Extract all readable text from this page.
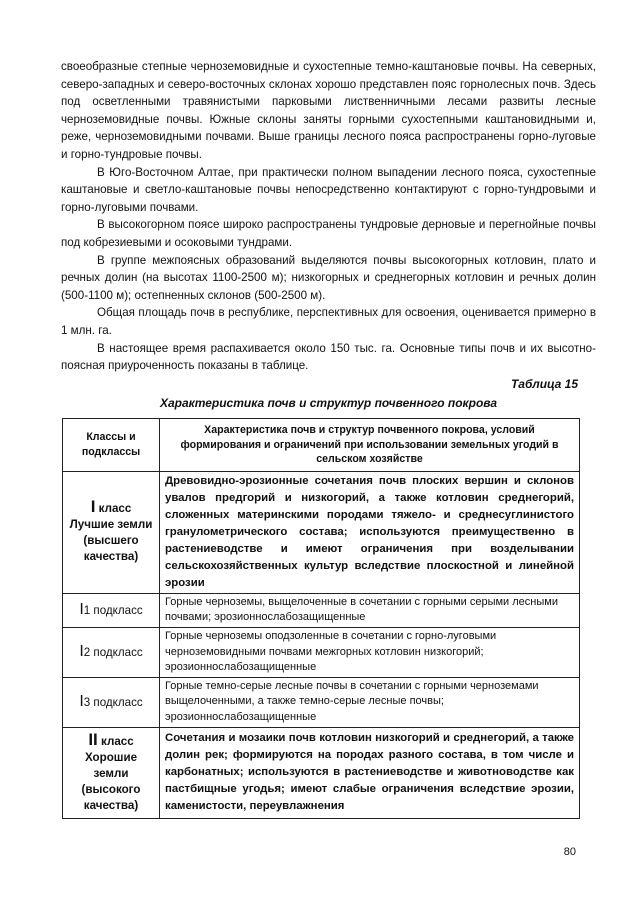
своеобразные степные черноземовидные и сухостепные темно-каштановые почвы. На северных, северо-западных и северо-восточных склонах хорошо представлен пояс горнолесных почв. Здесь под осветленными травянистыми парковыми лиственничными лесами развиты лесные черноземовидные почвы. Южные склоны заняты горными сухостепными каштановидными и, реже, черноземовидными почвами. Выше границы лесного пояса распространены горно-луговые и горно-тундровые почвы.

В Юго-Восточном Алтае, при практически полном выпадении лесного пояса, сухостепные каштановые и светло-каштановые почвы непосредственно контактируют с горно-тундровыми и горно-луговыми почвами.

В высокогорном поясе широко распространены тундровые дерновые и перегнойные почвы под кобрезиевыми и осоковыми тундрами.

В группе межпоясных образований выделяются почвы высокогорных котловин, плато и речных долин (на высотах 1100-2500 м); низкогорных и среднегорных котловин и речных долин (500-1100 м); остепненных склонов (500-2500 м).

Общая площадь почв в республике, перспективных для освоения, оценивается примерно в 1 млн. га.

В настоящее время распахивается около 150 тыс. га. Основные типы почв и их высотно-поясная приуроченность показаны в таблице.

Таблица 15
Характеристика почв и структур почвенного покрова
Классы и подклассы	Характеристика почв и структур почвенного покрова, условий формирования и ограничений при использовании земельных угодий в сельском хозяйстве
I класс
Лучшие земли (высшего качества)	Древовидно-эрозионные сочетания почв плоских вершин и склонов увалов предгорий и низкогорий, а также котловин среднегорий, сложенных материнскими породами тяжело- и среднесуглинистого гранулометрического состава; используются преимущественно в растениеводстве и имеют ограничения при возделывании сельскохозяйственных культур вследствие плоскостной и линейной эрозии
I1 подкласс	Горные черноземы, выщелоченные в сочетании с горными серыми лесными почвами; эрозионнослабозащищенные
I2 подкласс	Горные черноземы оподзоленные в сочетании с горно-луговыми черноземовидными почвами межгорных котловин низкогорий; эрозионнослабозащищенные
I3 подкласс	Горные темно-серые лесные почвы в сочетании с горными черноземами выщелоченными, а также темно-серые лесные почвы; эрозионнослабозащищенные
II класс
Хорошие земли (высокого качества)	Сочетания и мозаики почв котловин низкогорий и среднегорий, а также долин рек; формируются на породах разного состава, в том числе и карбонатных; используются в растениеводстве и животноводстве как пастбищные угодья; имеют слабые ограничения вследствие эрозии, каменистости, переувлажнения
80
